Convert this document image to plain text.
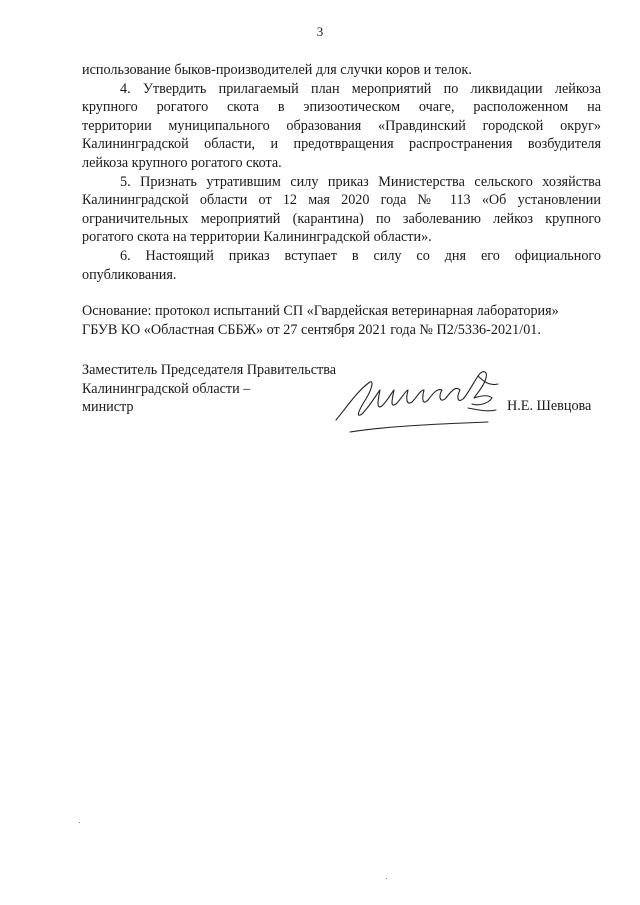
3
использование быков-производителей для случки коров и телок.
4. Утвердить прилагаемый план мероприятий по ликвидации лейкоза
крупного рогатого скота в эпизоотическом очаге, расположенном на
территории муниципального образования «Правдинский городской округ»
Калининградской области, и предотвращения распространения возбудителя
лейкоза крупного рогатого скота.
5. Признать утратившим силу приказ Министерства сельского хозяйства
Калининградской области от 12 мая 2020 года № 113 «Об установлении
ограничительных мероприятий (карантина) по заболеванию лейкоз крупного
рогатого скота на территории Калининградской области».
6. Настоящий приказ вступает в силу со дня его официального
опубликования.
Основание: протокол испытаний СП «Гвардейская ветеринарная лаборатория»
ГБУВ КО «Областная СББЖ» от 27 сентября 2021 года № П2/5336-2021/01.
Заместитель Председателя Правительства
Калининградской области –
министр	Н.Е. Шевцова
